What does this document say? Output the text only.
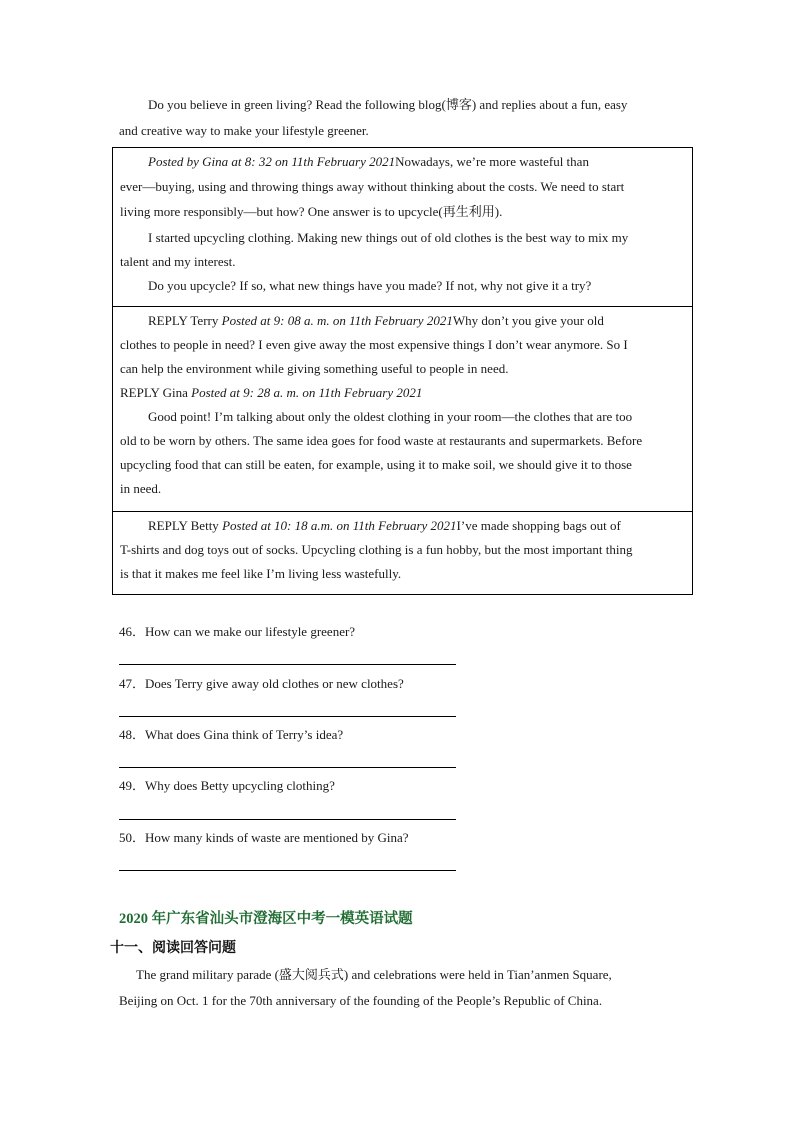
Do you believe in green living? Read the following blog(博客) and replies about a fun, easy

and creative way to make your lifestyle greener.

Posted by Gina at 8: 32 on 11th February 2021Nowadays, we’re more wasteful than

ever—buying, using and throwing things away without thinking about the costs. We need to start

living more responsibly—but how? One answer is to upcycle(再生利用).

I started upcycling clothing. Making new things out of old clothes is the best way to mix my

talent and my interest.

Do you upcycle? If so, what new things have you made? If not, why not give it a try?

REPLY Terry Posted at 9: 08 a. m. on 11th February 2021Why don’t you give your old

clothes to people in need? I even give away the most expensive things I don’t wear anymore. So I

can help the environment while giving something useful to people in need.

REPLY Gina Posted at 9: 28 a. m. on 11th February 2021

Good point! I’m talking about only the oldest clothing in your room—the clothes that are too

old to be worn by others. The same idea goes for food waste at restaurants and supermarkets. Before

upcycling food that can still be eaten, for example, using it to make soil, we should give it to those

in need.

REPLY Betty Posted at 10: 18 a.m. on 11th February 2021I’ve made shopping bags out of

T-shirts and dog toys out of socks. Upcycling clothing is a fun hobby, but the most important thing

is that it makes me feel like I’m living less wastefully.

46．How can we make our lifestyle greener?
47．Does Terry give away old clothes or new clothes?
48．What does Gina think of Terry’s idea?
49．Why does Betty upcycling clothing?
50．How many kinds of waste are mentioned by Gina?
2020 年广东省汕头市澄海区中考一模英语试题
十一、阅读回答问题

The grand military parade (盛大阅兵式) and celebrations were held in Tian’anmen Square,

Beijing on Oct. 1 for the 70th anniversary of the founding of the People’s Republic of China.
